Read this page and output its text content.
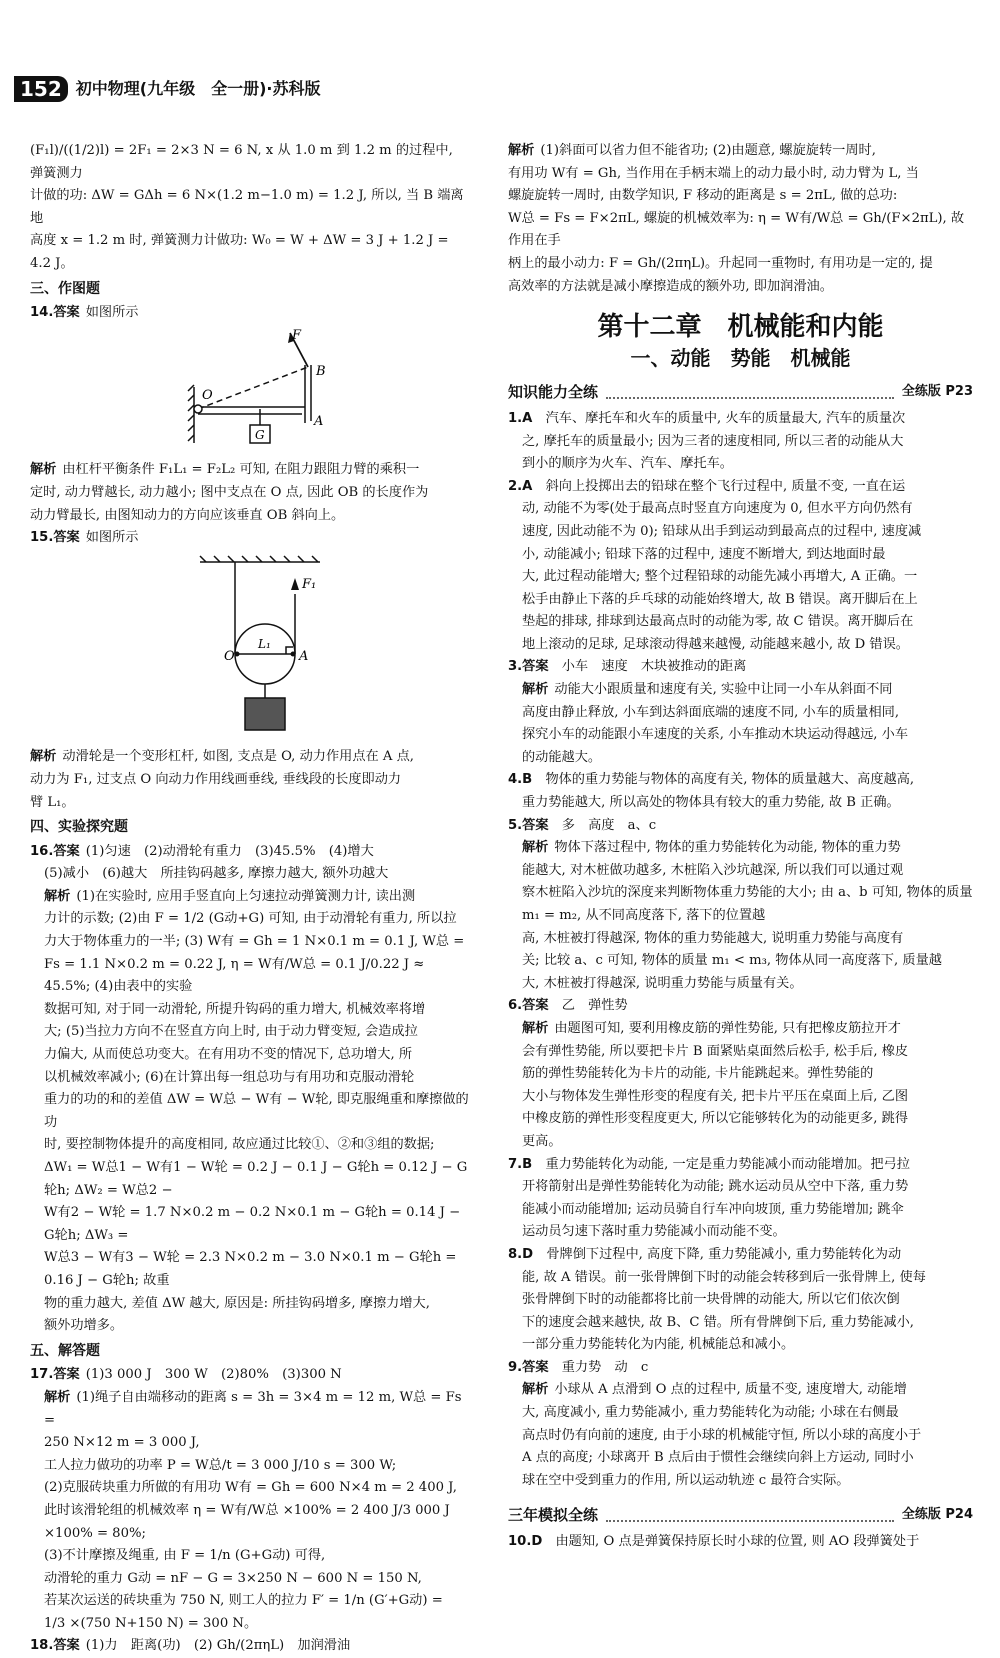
152 初中物理(九年级　全一册)·苏科版

(F₁l)/((1/2)l) = 2F₁ = 2×3 N = 6 N, x 从 1.0 m 到 1.2 m 的过程中, 弹簧测力

计做的功: ΔW = GΔh = 6 N×(1.2 m−1.0 m) = 1.2 J, 所以, 当 B 端离地

高度 x = 1.2 m 时, 弹簧测力计做功: W₀ = W + ΔW = 3 J + 1.2 J = 4.2 J。

三、作图题

14.答案 如图所示

F
B
O
A
G

解析 由杠杆平衡条件 F₁L₁ = F₂L₂ 可知, 在阻力跟阻力臂的乘积一

定时, 动力臂越长, 动力越小; 图中支点在 O 点, 因此 OB 的长度作为

动力臂最长, 由图知动力的方向应该垂直 OB 斜向上。

15.答案 如图所示

F₁
O	A
L₁

解析 动滑轮是一个变形杠杆, 如图, 支点是 O, 动力作用点在 A 点,

动力为 F₁, 过支点 O 向动力作用线画垂线, 垂线段的长度即动力

臂 L₁。

四、实验探究题

16.答案 (1)匀速　(2)动滑轮有重力　(3)45.5%　(4)增大

(5)减小　(6)越大　所挂钩码越多, 摩擦力越大, 额外功越大

解析 (1)在实验时, 应用手竖直向上匀速拉动弹簧测力计, 读出测

力计的示数; (2)由 F = 1/2 (G动+G) 可知, 由于动滑轮有重力, 所以拉

力大于物体重力的一半; (3) W有 = Gh = 1 N×0.1 m = 0.1 J, W总 =

Fs = 1.1 N×0.2 m = 0.22 J, η = W有/W总 = 0.1 J/0.22 J ≈ 45.5%; (4)由表中的实验

数据可知, 对于同一动滑轮, 所提升钩码的重力增大, 机械效率将增

大; (5)当拉力方向不在竖直方向上时, 由于动力臂变短, 会造成拉

力偏大, 从而使总功变大。在有用功不变的情况下, 总功增大, 所

以机械效率减小; (6)在计算出每一组总功与有用功和克服动滑轮

重力的功的和的差值 ΔW = W总 − W有 − W轮, 即克服绳重和摩擦做的功

时, 要控制物体提升的高度相同, 故应通过比较①、②和③组的数据;

ΔW₁ = W总1 − W有1 − W轮 = 0.2 J − 0.1 J − G轮h = 0.12 J − G轮h; ΔW₂ = W总2 −

W有2 − W轮 = 1.7 N×0.2 m − 0.2 N×0.1 m − G轮h = 0.14 J − G轮h; ΔW₃ =

W总3 − W有3 − W轮 = 2.3 N×0.2 m − 3.0 N×0.1 m − G轮h = 0.16 J − G轮h; 故重

物的重力越大, 差值 ΔW 越大, 原因是: 所挂钩码增多, 摩擦力增大,

额外功增多。

五、解答题

17.答案 (1)3 000 J　300 W　(2)80%　(3)300 N

解析 (1)绳子自由端移动的距离 s = 3h = 3×4 m = 12 m, W总 = Fs =

250 N×12 m = 3 000 J,

工人拉力做功的功率 P = W总/t = 3 000 J/10 s = 300 W;

(2)克服砖块重力所做的有用功 W有 = Gh = 600 N×4 m = 2 400 J,

此时该滑轮组的机械效率 η = W有/W总 ×100% = 2 400 J/3 000 J ×100% = 80%;

(3)不计摩擦及绳重, 由 F = 1/n (G+G动) 可得,

动滑轮的重力 G动 = nF − G = 3×250 N − 600 N = 150 N,

若某次运送的砖块重为 750 N, 则工人的拉力 F′ = 1/n (G′+G动) =

1/3 ×(750 N+150 N) = 300 N。

18.答案 (1)力　距离(功)　(2) Gh/(2πηL)　加润滑油

解析 (1)斜面可以省力但不能省功; (2)由题意, 螺旋旋转一周时,

有用功 W有 = Gh, 当作用在手柄末端上的动力最小时, 动力臂为 L, 当

螺旋旋转一周时, 由数学知识, F 移动的距离是 s = 2πL, 做的总功:

W总 = Fs = F×2πL, 螺旋的机械效率为: η = W有/W总 = Gh/(F×2πL), 故作用在手

柄上的最小动力: F = Gh/(2πηL)。升起同一重物时, 有用功是一定的, 提

高效率的方法就是减小摩擦造成的额外功, 即加润滑油。

第十二章　机械能和内能

一、动能　势能　机械能

知识能力全练	全练版 P23

1.A　 汽车、摩托车和火车的质量中, 火车的质量最大, 汽车的质量次

之, 摩托车的质量最小; 因为三者的速度相同, 所以三者的动能从大

到小的顺序为火车、汽车、摩托车。

2.A　 斜向上投掷出去的铅球在整个飞行过程中, 质量不变, 一直在运

动, 动能不为零(处于最高点时竖直方向速度为 0, 但水平方向仍然有

速度, 因此动能不为 0); 铅球从出手到运动到最高点的过程中, 速度减

小, 动能减小; 铅球下落的过程中, 速度不断增大, 到达地面时最

大, 此过程动能增大; 整个过程铅球的动能先减小再增大, A 正确。一

松手由静止下落的乒乓球的动能始终增大, 故 B 错误。离开脚后在上

垫起的排球, 排球到达最高点时的动能为零, 故 C 错误。离开脚后在

地上滚动的足球, 足球滚动得越来越慢, 动能越来越小, 故 D 错误。

3.答案　 小车　速度　木块被推动的距离

解析 动能大小跟质量和速度有关, 实验中让同一小车从斜面不同

高度由静止释放, 小车到达斜面底端的速度不同, 小车的质量相同,

探究小车的动能跟小车速度的关系, 小车推动木块运动得越远, 小车

的动能越大。

4.B　 物体的重力势能与物体的高度有关, 物体的质量越大、高度越高,

重力势能越大, 所以高处的物体具有较大的重力势能, 故 B 正确。

5.答案　 多　高度　a、c

解析 物体下落过程中, 物体的重力势能转化为动能, 物体的重力势

能越大, 对木桩做功越多, 木桩陷入沙坑越深, 所以我们可以通过观

察木桩陷入沙坑的深度来判断物体重力势能的大小; 由 a、b 可知, 物体的质量 m₁ = m₂, 从不同高度落下, 落下的位置越

高, 木桩被打得越深, 物体的重力势能越大, 说明重力势能与高度有

关; 比较 a、c 可知, 物体的质量 m₁ < m₃, 物体从同一高度落下, 质量越

大, 木桩被打得越深, 说明重力势能与质量有关。

6.答案　 乙　弹性势

解析 由题图可知, 要利用橡皮筋的弹性势能, 只有把橡皮筋拉开才

会有弹性势能, 所以要把卡片 B 面紧贴桌面然后松手, 松手后, 橡皮

筋的弹性势能转化为卡片的动能, 卡片能跳起来。弹性势能的

大小与物体发生弹性形变的程度有关, 把卡片平压在桌面上后, 乙图

中橡皮筋的弹性形变程度更大, 所以它能够转化为的动能更多, 跳得

更高。

7.B　 重力势能转化为动能, 一定是重力势能减小而动能增加。把弓拉

开将箭射出是弹性势能转化为动能; 跳水运动员从空中下落, 重力势

能减小而动能增加; 运动员骑自行车冲向坡顶, 重力势能增加; 跳伞

运动员匀速下落时重力势能减小而动能不变。

8.D　 骨牌倒下过程中, 高度下降, 重力势能减小, 重力势能转化为动

能, 故 A 错误。前一张骨牌倒下时的动能会转移到后一张骨牌上, 使每

张骨牌倒下时的动能都将比前一块骨牌的动能大, 所以它们依次倒

下的速度会越来越快, 故 B、C 错。所有骨牌倒下后, 重力势能减小,

一部分重力势能转化为内能, 机械能总和减小。

9.答案　 重力势　动　c

解析 小球从 A 点滑到 O 点的过程中, 质量不变, 速度增大, 动能增

大, 高度减小, 重力势能减小, 重力势能转化为动能; 小球在右侧最

高点时仍有向前的速度, 由于小球的机械能守恒, 所以小球的高度小于

A 点的高度; 小球离开 B 点后由于惯性会继续向斜上方运动, 同时小

球在空中受到重力的作用, 所以运动轨迹 c 最符合实际。

三年模拟全练	全练版 P24

10.D　 由题知, O 点是弹簧保持原长时小球的位置, 则 AO 段弹簧处于
